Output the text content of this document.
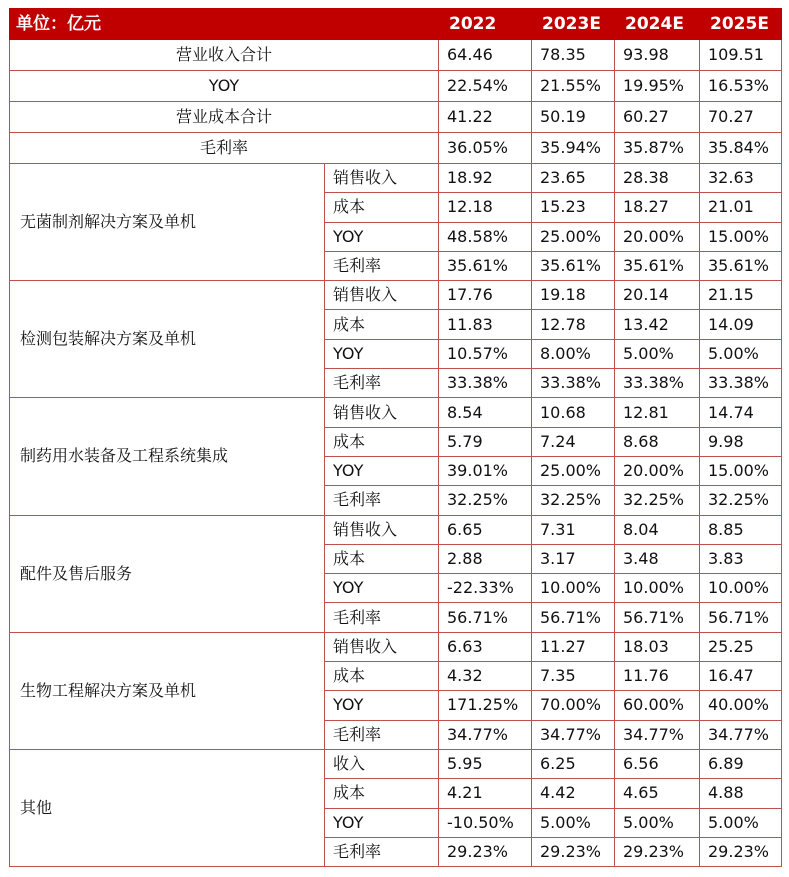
单位：亿元		2022	2023E	2024E	2025E
营业收入合计		64.46	78.35	93.98	109.51
YOY		22.54%	21.55%	19.95%	16.53%
营业成本合计		41.22	50.19	60.27	70.27
毛利率		36.05%	35.94%	35.87%	35.84%
无菌制剂解决方案及单机	销售收入	18.92	23.65	28.38	32.63
	成本	12.18	15.23	18.27	21.01
	YOY	48.58%	25.00%	20.00%	15.00%
	毛利率	35.61%	35.61%	35.61%	35.61%
检测包装解决方案及单机	销售收入	17.76	19.18	20.14	21.15
	成本	11.83	12.78	13.42	14.09
	YOY	10.57%	8.00%	5.00%	5.00%
	毛利率	33.38%	33.38%	33.38%	33.38%
制药用水装备及工程系统集成	销售收入	8.54	10.68	12.81	14.74
	成本	5.79	7.24	8.68	9.98
	YOY	39.01%	25.00%	20.00%	15.00%
	毛利率	32.25%	32.25%	32.25%	32.25%
配件及售后服务	销售收入	6.65	7.31	8.04	8.85
	成本	2.88	3.17	3.48	3.83
	YOY	-22.33%	10.00%	10.00%	10.00%
	毛利率	56.71%	56.71%	56.71%	56.71%
生物工程解决方案及单机	销售收入	6.63	11.27	18.03	25.25
	成本	4.32	7.35	11.76	16.47
	YOY	171.25%	70.00%	60.00%	40.00%
	毛利率	34.77%	34.77%	34.77%	34.77%
其他	收入	5.95	6.25	6.56	6.89
	成本	4.21	4.42	4.65	4.88
	YOY	-10.50%	5.00%	5.00%	5.00%
	毛利率	29.23%	29.23%	29.23%	29.23%
